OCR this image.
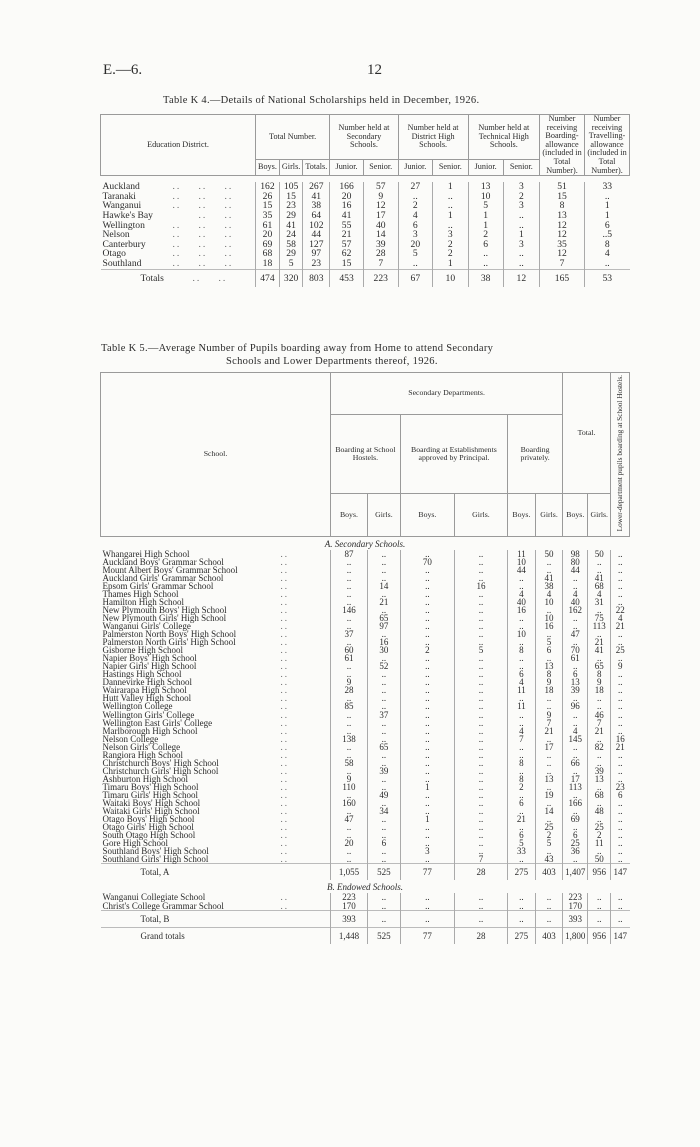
E.—6.	12
Table K 4.—Details of National Scholarships held in December, 1926.
Education District.	Total Number.			Number held at Secondary Schools.		Number held at District High Schools.		Number held at Technical High Schools.		Number receiving Boarding-allowance (included in Total Number).	Number receiving Travelling-allowance (included in Total Number).
	Boys.	Girls.	Totals.	Junior.	Senior.	Junior.	Senior.	Junior.	Senior.		

Auckland .. .. ..	162	105	267	166	57	27	1	13	3	51	33
Taranaki .. .. ..	26	15	41	20	9	..	..	10	2	15	..
Wanganui .. .. ..	15	23	38	16	12	2	..	5	3	8	1
Hawke's Bay .. ..	35	29	64	41	17	4	1	1	..	13	1
Wellington .. .. ..	61	41	102	55	40	6	..	1	..	12	6
Nelson .. .. ..	20	24	44	21	14	3	3	2	1	12	..5
Canterbury .. .. ..	69	58	127	57	39	20	2	6	3	35	8
Otago .. .. ..	68	29	97	62	28	5	2	..	..	12	4
Southland .. .. ..	18	5	23	15	7	..	1	..	..	7	..
Totals .. ..	474	320	803	453	223	67	10	38	12	165	53
Table K 5.—Average Number of Pupils boarding away from Home to attend Secondary
Schools and Lower Departments thereof, 1926.
School.	Secondary Departments.						Total.		Lower-department pupils boarding at School Hostels.
	Boarding at School Hostels.		Boarding at Establishments approved by Principal.		Boarding privately.				
	Boys.	Girls.	Boys.	Girls.	Boys.	Girls.	Boys.	Girls.	
A. Secondary Schools.									
Whangarei High School ..	87	..	..	..	11	50	98	50	..
Auckland Boys' Grammar School ..	..	..	70	..	10	..	80	..	..
Mount Albert Boys' Grammar School ..	..	..	..	..	44	..	44	..	..
Auckland Girls' Grammar School ..	..	..	..	..	..	41	..	41	..
Epsom Girls' Grammar School ..	..	14	..	16	..	38	..	68	..
Thames High School ..	..	..	..	..	4	4	4	4	..
Hamilton High School ..	..	21	..	..	40	10	40	31	..
New Plymouth Boys' High School ..	146	..	..	..	16	..	162	..	22
New Plymouth Girls' High School ..	..	65	..	..	..	10	..	75	4
Wanganui Girls' College ..	..	97	..	..	..	16	..	113	21
Palmerston North Boys' High School ..	37	..	..	..	10	..	47	..	..
Palmerston North Girls' High School ..	..	16	..	..	..	5	..	21	..
Gisborne High School ..	60	30	2	5	8	6	70	41	25
Napier Boys' High School ..	61	..	..	..	..	..	61	..	..
Napier Girls' High School ..	..	52	..	..	..	13	..	65	9
Hastings High School ..	..	..	..	..	6	8	6	8	..
Dannevirke High School ..	9	..	..	..	4	9	13	9	..
Wairarapa High School ..	28	..	..	..	11	18	39	18	..
Hutt Valley High School ..	..	..	..	..	..	..	..	..	..
Wellington College ..	85	..	..	..	11	..	96	..	..
Wellington Girls' College ..	..	37	..	..	..	9	..	46	..
Wellington East Girls' College ..	..	..	..	..	..	7	..	7	..
Marlborough High School ..	..	..	..	..	4	21	4	21	..
Nelson College ..	138	..	..	..	7	..	145	..	16
Nelson Girls' College ..	..	65	..	..	..	17	..	82	21
Rangiora High School ..	..	..	..	..	..	..	..	..	..
Christchurch Boys' High School ..	58	..	..	..	8	..	66	..	..
Christchurch Girls' High School ..	..	39	..	..	..	..	..	39	..
Ashburton High School ..	9	..	..	..	8	13	17	13	..
Timaru Boys' High School ..	110	..	1	..	2	..	113	..	23
Timaru Girls' High School ..	..	49	..	..	..	19	..	68	6
Waitaki Boys' High School ..	160	..	..	..	6	..	166	..	..
Waitaki Girls' High School ..	..	34	..	..	..	14	..	48	..
Otago Boys' High School ..	47	..	1	..	21	..	69	..	..
Otago Girls' High School ..	..	..	..	..	..	25	..	25	..
South Otago High School ..	..	..	..	..	6	2	6	2	..
Gore High School ..	20	6	..	..	5	5	25	11	..
Southland Boys' High School ..	..	..	3	..	33	..	36	..	..
Southland Girls' High School ..	..	..	..	7	..	43	..	50	..
Total, A	1,055	525	77	28	275	403	1,407	956	147
B. Endowed Schools.									
Wanganui Collegiate School ..	223	..	..	..	..	..	223	..	..
Christ's College Grammar School ..	170	..	..	..	..	..	170	..	..
Total, B	393	..	..	..	..	..	393	..	..
Grand totals	1,448	525	77	28	275	403	1,800	956	147
